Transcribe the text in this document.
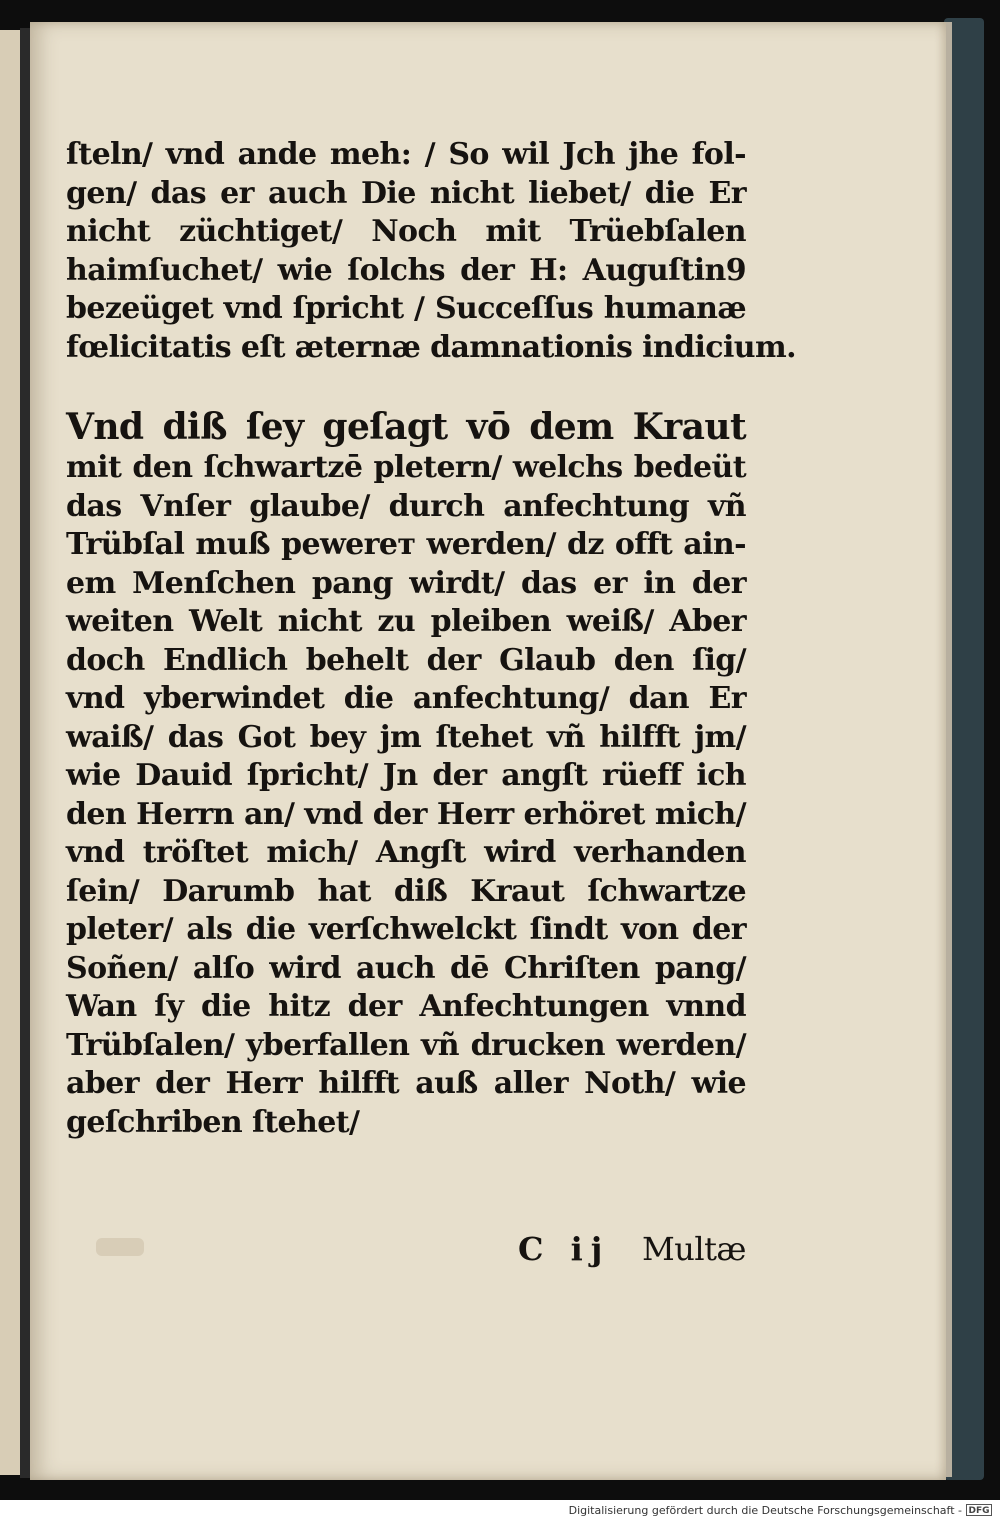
ſteln/ vnd ande meh: / So wil Jch jhe fol-
gen/ das er auch Die nicht liebet/ die Er
nicht züchtiget/ Noch mit Trüebſalen
haimſuchet/ wie ſolchs der H: Auguſtin9
bezeüget vnd ſpricht / Succeſſus humanæ
fœlicitatis eſt æternæ damnationis indicium.
Vnd diß ſey geſagt vō dem Kraut
mit den ſchwartzē pletern/ welchs bedeüt
das Vnſer glaube/ durch anfechtung vñ
Trübſal muß pewerет werden/ dz offt ain-
em Menſchen pang wirdt/ das er in der
weiten Welt nicht zu pleiben weiß/ Aber
doch Endlich behelt der Glaub den ſig/
vnd yberwindet die anfechtung/ dan Er
waiß/ das Got bey jm ſtehet vñ hilfft jm/
wie Dauid ſpricht/ Jn der angſt rüeff ich
den Herrn an/ vnd der Herr erhöret mich/
vnd tröſtet mich/ Angſt wird verhanden
ſein/ Darumb hat diß Kraut ſchwartze
pleter/ als die verſchwelckt ſindt von der
Soñen/ alſo wird auch dē Chriſten pang/
Wan ſy die hitz der Anfechtungen vnnd
Trübſalen/ yberfallen vñ drucken werden/
aber der Herr hilfft auß aller Noth/ wie
geſchriben ſtehet/
C ij Multæ
Digitalisierung gefördert durch die Deutsche Forschungsgemeinschaft - DFG
